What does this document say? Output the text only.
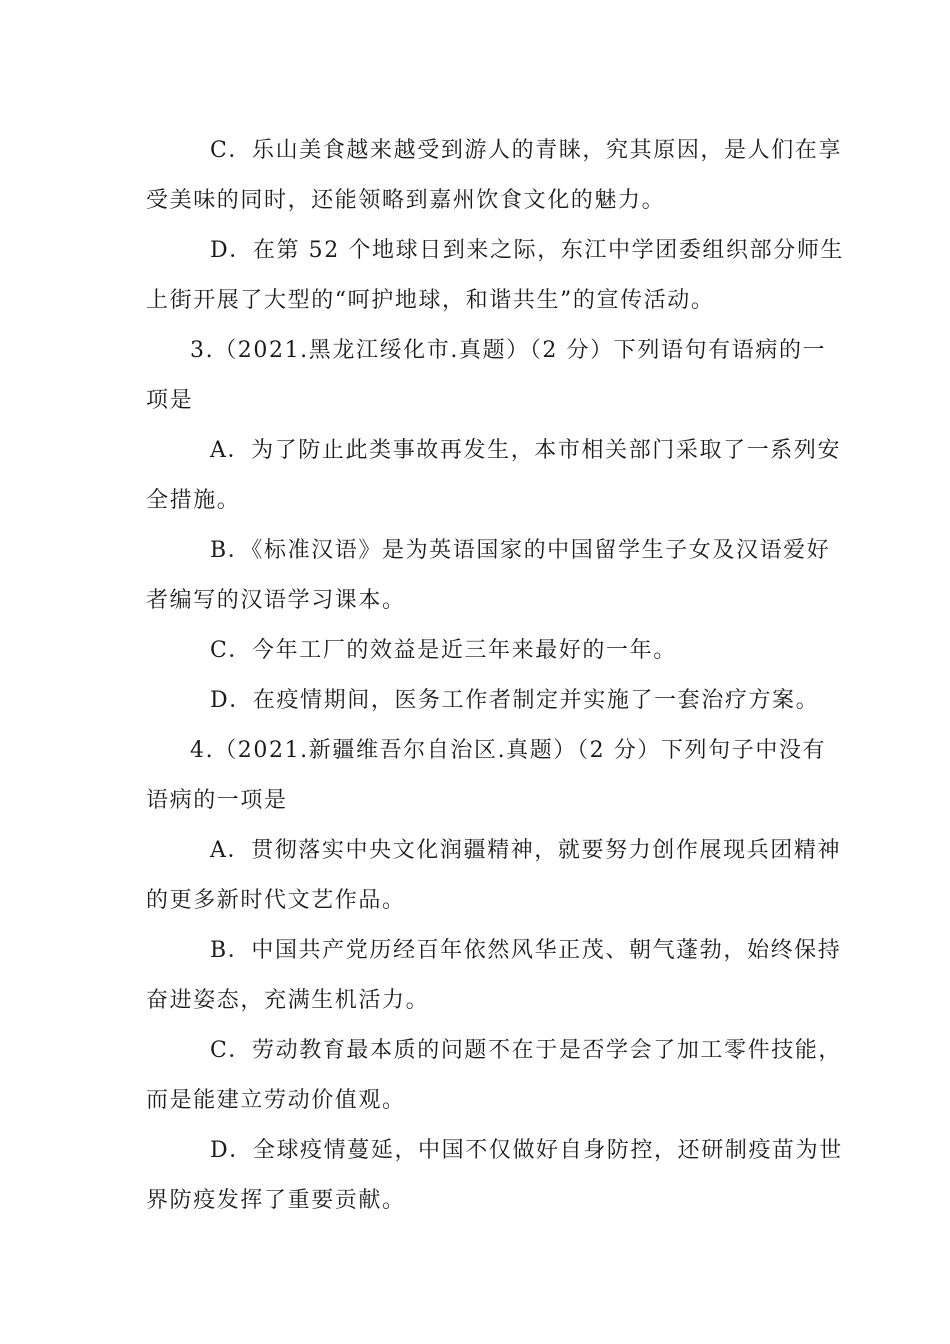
C．乐山美食越来越受到游人的青睐，究其原因，是人们在享
受美味的同时，还能领略到嘉州饮食文化的魅力。
D．在第 52 个地球日到来之际，东江中学团委组织部分师生
上街开展了大型的“呵护地球，和谐共生”的宣传活动。
3.（2021.黑龙江绥化市.真题）（2 分）下列语句有语病的一
项是
A．为了防止此类事故再发生，本市相关部门采取了一系列安
全措施。
B．《标准汉语》是为英语国家的中国留学生子女及汉语爱好
者编写的汉语学习课本。
C．今年工厂的效益是近三年来最好的一年。
D．在疫情期间，医务工作者制定并实施了一套治疗方案。
4.（2021.新疆维吾尔自治区.真题）（2 分）下列句子中没有
语病的一项是
A．贯彻落实中央文化润疆精神，就要努力创作展现兵团精神
的更多新时代文艺作品。
B．中国共产党历经百年依然风华正茂、朝气蓬勃，始终保持
奋进姿态，充满生机活力。
C．劳动教育最本质的问题不在于是否学会了加工零件技能，
而是能建立劳动价值观。
D．全球疫情蔓延，中国不仅做好自身防控，还研制疫苗为世
界防疫发挥了重要贡献。
